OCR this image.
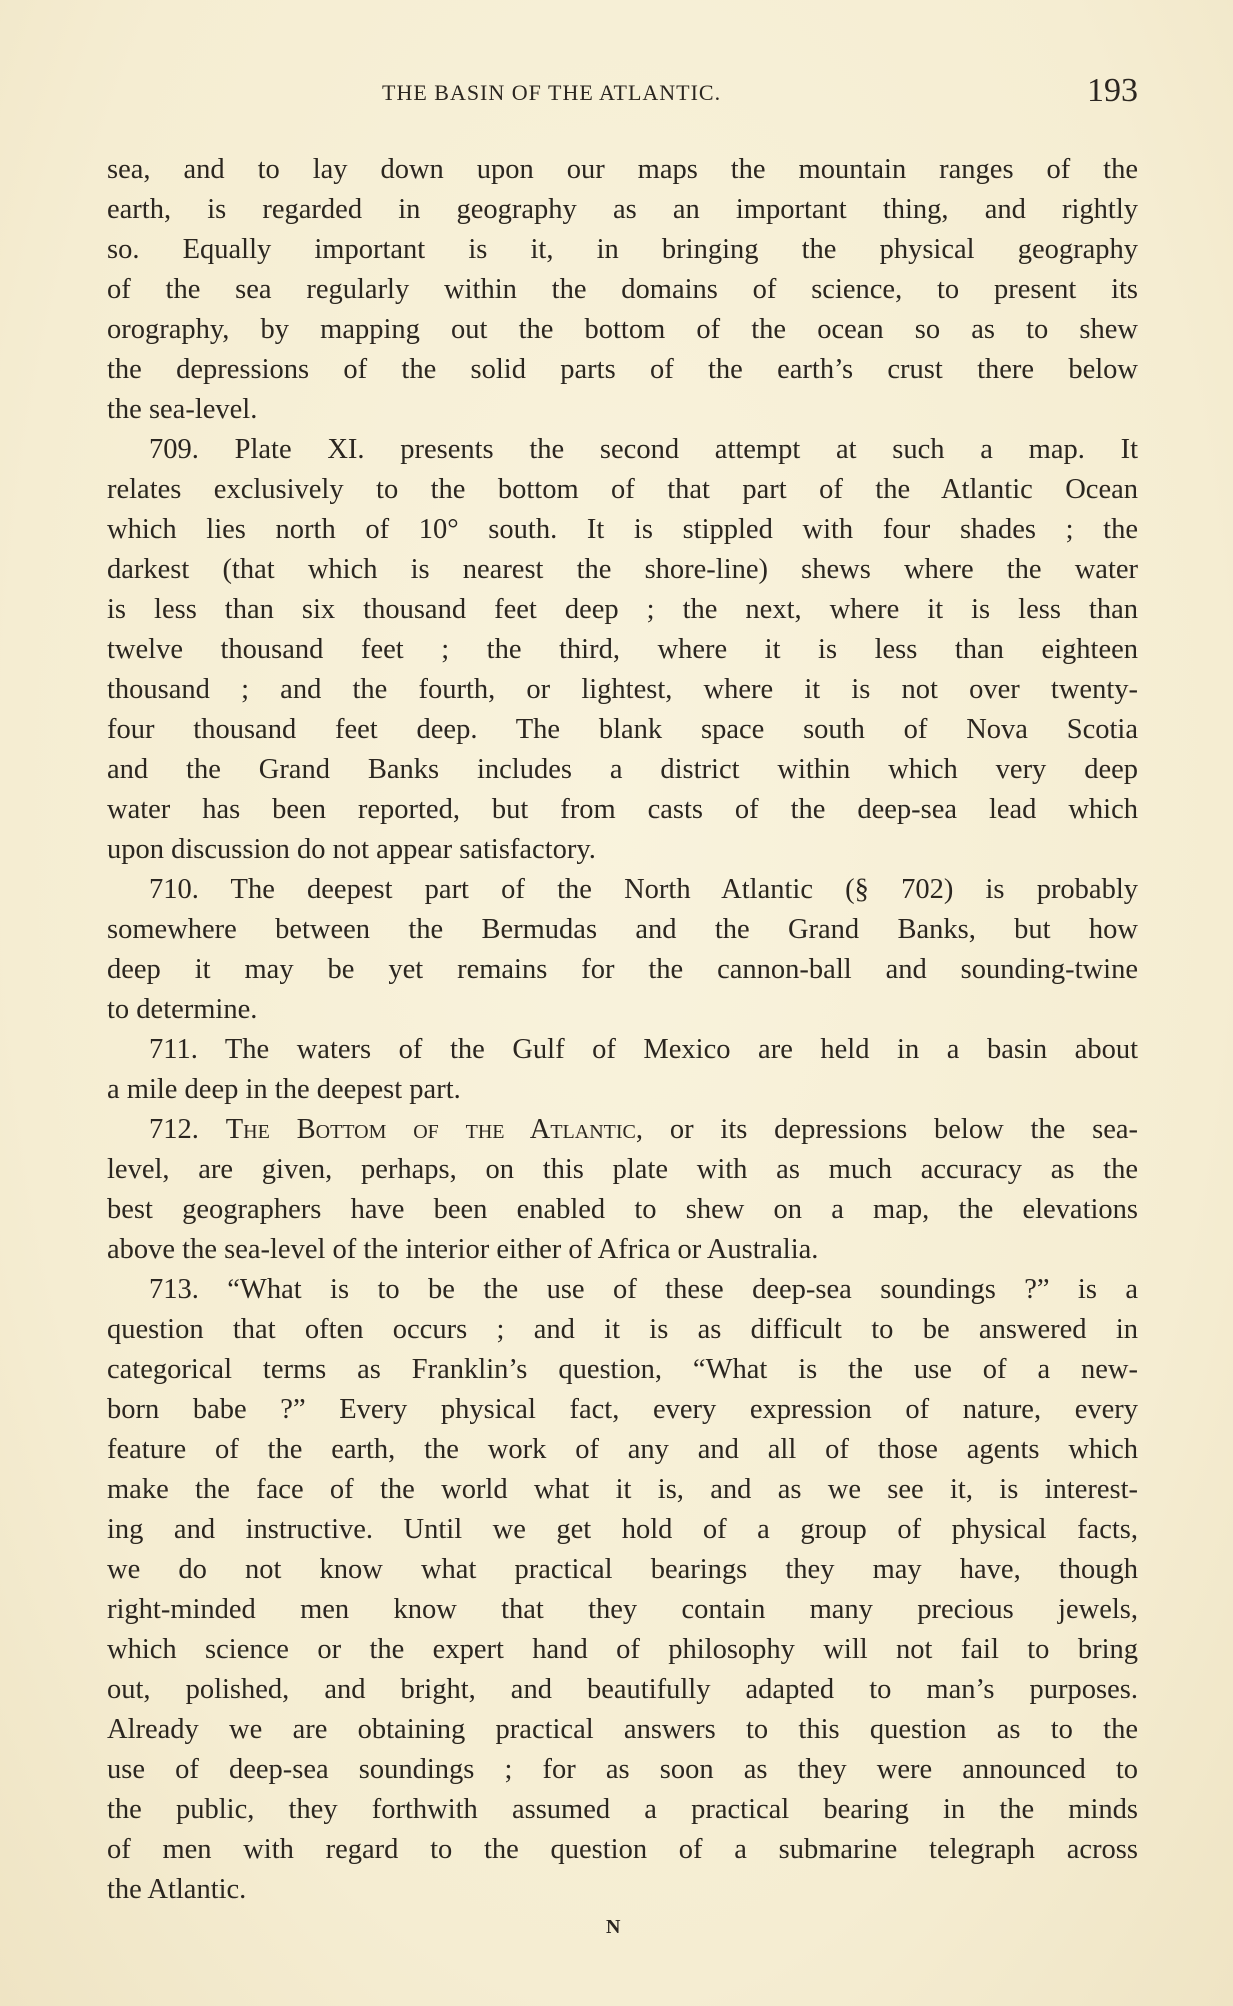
THE BASIN OF THE ATLANTIC.	193
sea, and to lay down upon our maps the mountain ranges of the
earth, is regarded in geography as an important thing, and rightly
so. Equally important is it, in bringing the physical geography
of the sea regularly within the domains of science, to present its
orography, by mapping out the bottom of the ocean so as to shew
the depressions of the solid parts of the earth’s crust there below
the sea-level.
709. Plate XI. presents the second attempt at such a map. It
relates exclusively to the bottom of that part of the Atlantic Ocean
which lies north of 10° south. It is stippled with four shades ; the
darkest (that which is nearest the shore-line) shews where the water
is less than six thousand feet deep ; the next, where it is less than
twelve thousand feet ; the third, where it is less than eighteen
thousand ; and the fourth, or lightest, where it is not over twenty-
four thousand feet deep. The blank space south of Nova Scotia
and the Grand Banks includes a district within which very deep
water has been reported, but from casts of the deep-sea lead which
upon discussion do not appear satisfactory.
710. The deepest part of the North Atlantic (§ 702) is probably
somewhere between the Bermudas and the Grand Banks, but how
deep it may be yet remains for the cannon-ball and sounding-twine
to determine.
711. The waters of the Gulf of Mexico are held in a basin about
a mile deep in the deepest part.
712. The Bottom of the Atlantic, or its depressions below the sea-
level, are given, perhaps, on this plate with as much accuracy as the
best geographers have been enabled to shew on a map, the elevations
above the sea-level of the interior either of Africa or Australia.
713. “What is to be the use of these deep-sea soundings ?” is a
question that often occurs ; and it is as difficult to be answered in
categorical terms as Franklin’s question, “What is the use of a new-
born babe ?” Every physical fact, every expression of nature, every
feature of the earth, the work of any and all of those agents which
make the face of the world what it is, and as we see it, is interest-
ing and instructive. Until we get hold of a group of physical facts,
we do not know what practical bearings they may have, though
right-minded men know that they contain many precious jewels,
which science or the expert hand of philosophy will not fail to bring
out, polished, and bright, and beautifully adapted to man’s purposes.
Already we are obtaining practical answers to this question as to the
use of deep-sea soundings ; for as soon as they were announced to
the public, they forthwith assumed a practical bearing in the minds
of men with regard to the question of a submarine telegraph across
the Atlantic.
N
